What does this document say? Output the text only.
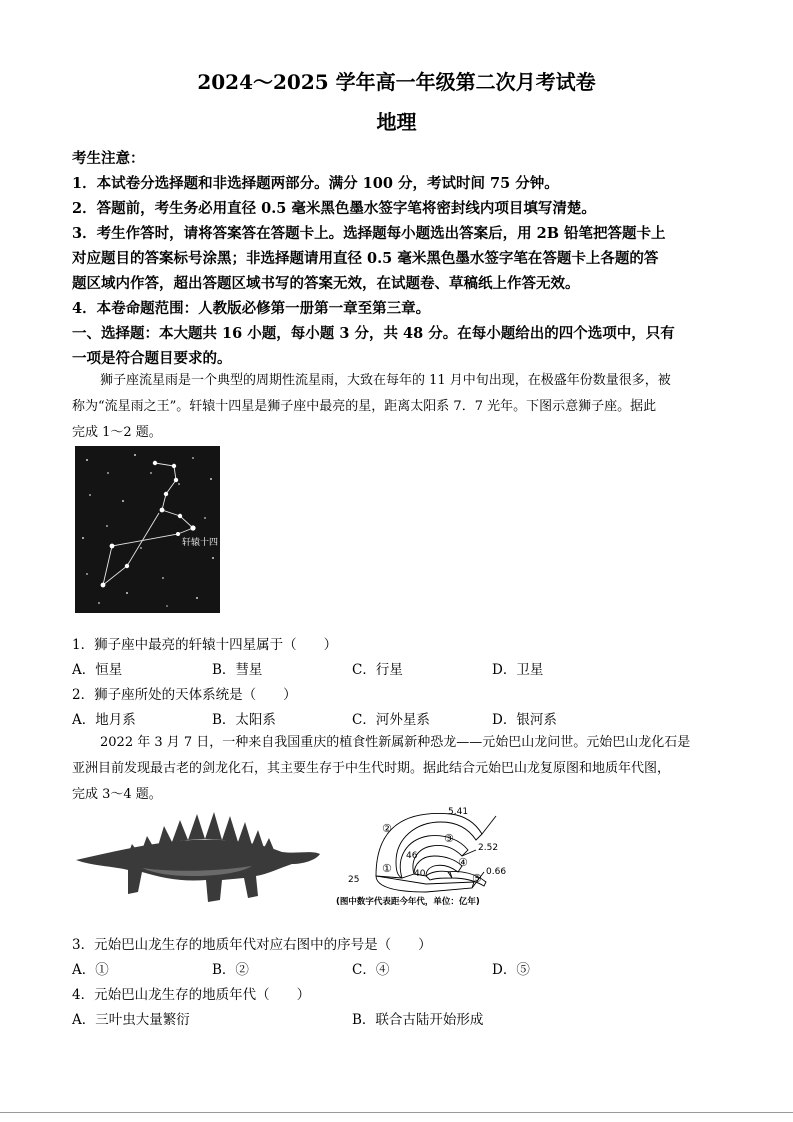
2024～2025 学年高一年级第二次月考试卷
地理
考生注意：
1．本试卷分选择题和非选择题两部分。满分 100 分，考试时间 75 分钟。
2．答题前，考生务必用直径 0.5 毫米黑色墨水签字笔将密封线内项目填写清楚。
3．考生作答时，请将答案答在答题卡上。选择题每小题选出答案后，用 2B 铅笔把答题卡上
对应题目的答案标号涂黑；非选择题请用直径 0.5 毫米黑色墨水签字笔在答题卡上各题的答
题区域内作答，超出答题区域书写的答案无效，在试题卷、草稿纸上作答无效。
4．本卷命题范围：人教版必修第一册第一章至第三章。
一、选择题：本大题共 16 小题，每小题 3 分，共 48 分。在每小题给出的四个选项中，只有
一项是符合题目要求的。

狮子座流星雨是一个典型的周期性流星雨，大致在每年的 11 月中旬出现，在极盛年份数量很多，被

称为“流星雨之王”。轩辕十四星是狮子座中最亮的星，距离太阳系 7．7 光年。下图示意狮子座。据此

完成 1～2 题。

轩辕十四
1．狮子座中最亮的轩辕十四星属于（　　）
A．恒星	B．彗星	C．行星	D．卫星
2．狮子座所处的天体系统是（　　）
A．地月系	B．太阳系	C．河外星系	D．银河系

2022 年 3 月 7 日，一种来自我国重庆的植食性新属新种恐龙——元始巴山龙问世。元始巴山龙化石是

亚洲目前发现最古老的剑龙化石，其主要生存于中生代时期。据此结合元始巴山龙复原图和地质年代图，

完成 3～4 题。

5.41
2.52
0.66
46
40
25
①
②
③
④
⑤
(图中数字代表距今年代，单位：亿年)
3．元始巴山龙生存的地质年代对应右图中的序号是（　　）
A．①	B．②	C．④	D．⑤
4．元始巴山龙生存的地质年代（　　）
A．三叶虫大量繁衍	B．联合古陆开始形成
